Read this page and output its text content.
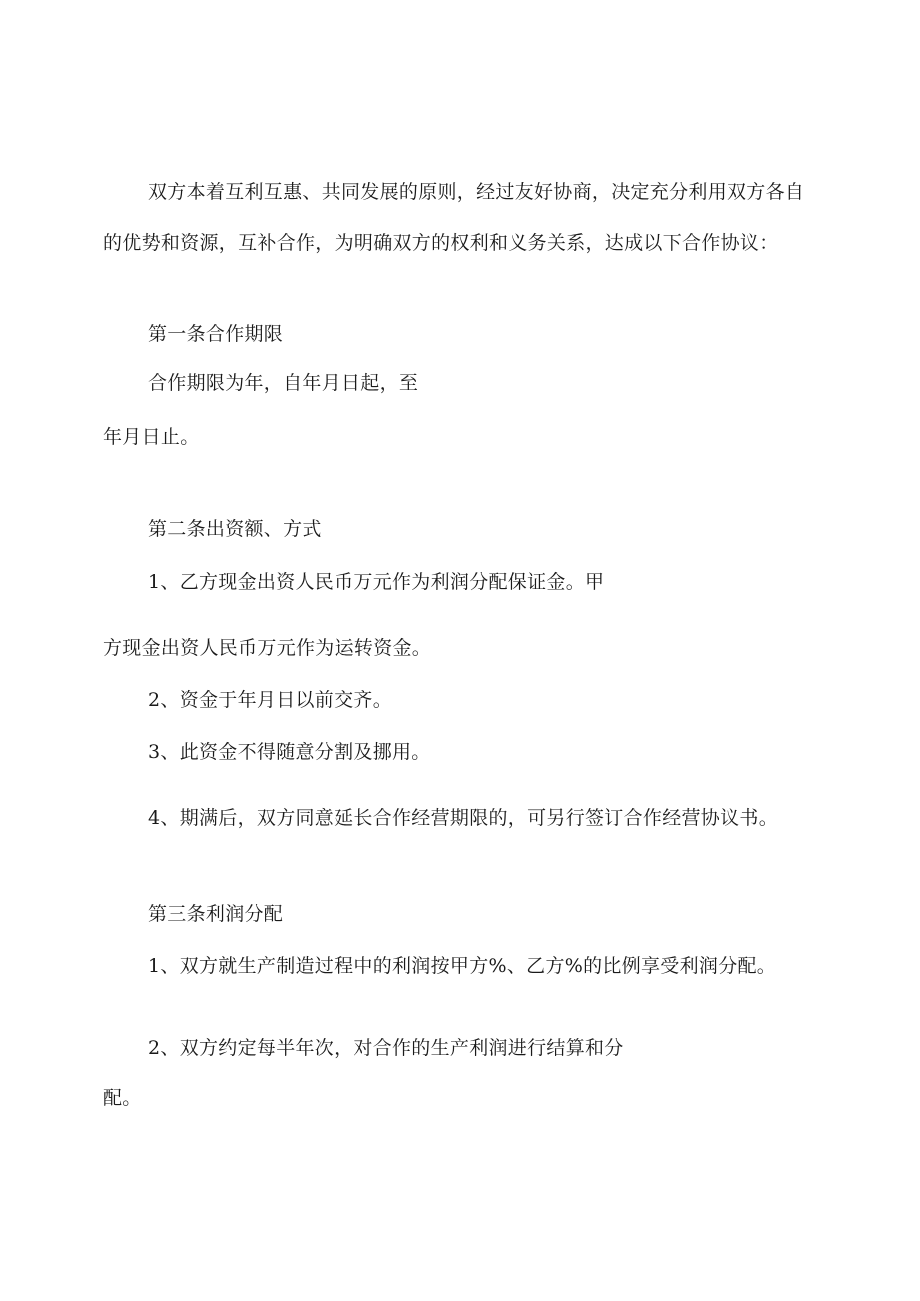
双方本着互利互惠、共同发展的原则，经过友好协商，决定充分利用双方各自

的优势和资源，互补合作，为明确双方的权利和义务关系，达成以下合作协议：

第一条合作期限

合作期限为年，自年月日起，至

年月日止。

第二条出资额、方式

1、乙方现金出资人民币万元作为利润分配保证金。甲

方现金出资人民币万元作为运转资金。

2、资金于年月日以前交齐。

3、此资金不得随意分割及挪用。

4、期满后，双方同意延长合作经营期限的，可另行签订合作经营协议书。

第三条利润分配

1、双方就生产制造过程中的利润按甲方%、乙方%的比例享受利润分配。

2、双方约定每半年次，对合作的生产利润进行结算和分

配。
